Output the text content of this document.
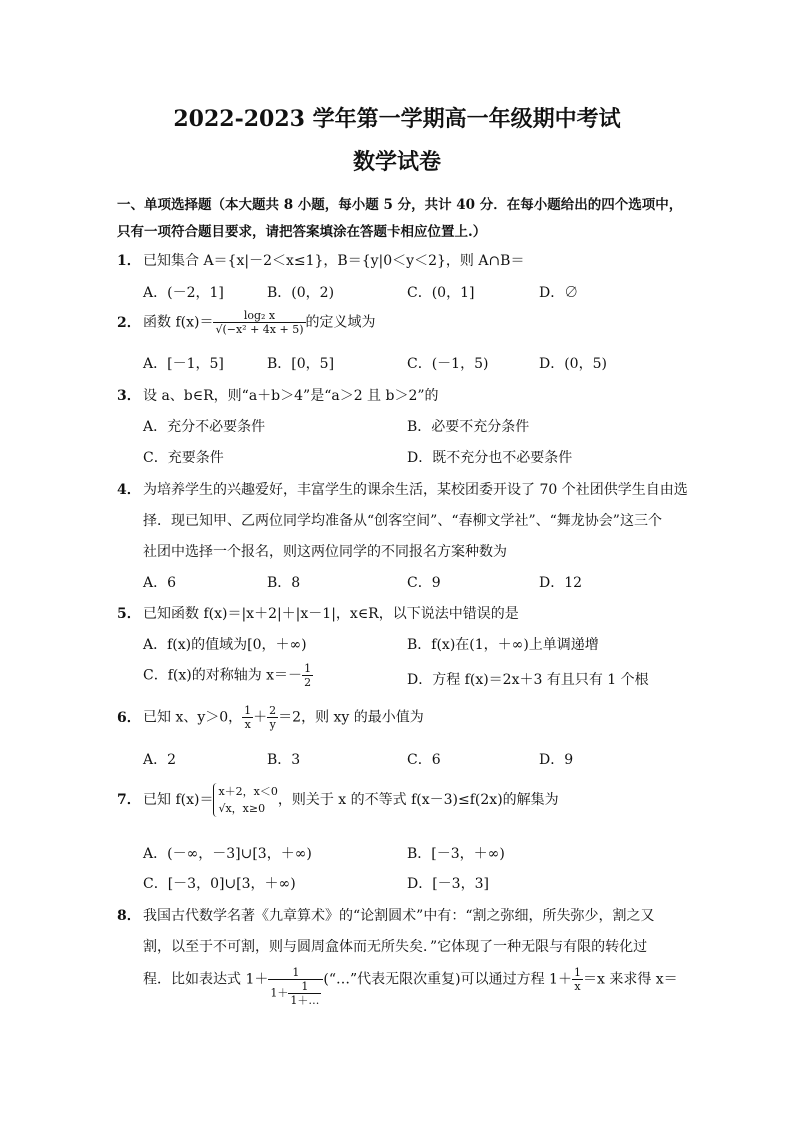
2022-2023 学年第一学期高一年级期中考试
数学试卷
一、单项选择题（本大题共 8 小题，每小题 5 分，共计 40 分．在每小题给出的四个选项中，
只有一项符合题目要求，请把答案填涂在答题卡相应位置上.）
1． 已知集合 A＝{x|－2＜x≤1}，B＝{y|0＜y＜2}，则 A∩B＝
A．(－2，1]	B．(0，2)	C．(0，1]	D．∅
2． 函数 $f(x)= \frac{\text{log₂ x}}{\text{√(−x² + 4x + 5)}}$ 的定义域为
A．[－1，5]	B．[0，5]	C．(－1，5)	D．(0，5)
3． 设 a、b∈R，则“a＋b＞4”是“a＞2 且 b＞2”的
A．充分不必要条件	B．必要不充分条件
C．充要条件	D．既不充分也不必要条件
4． 为培养学生的兴趣爱好，丰富学生的课余生活，某校团委开设了 70 个社团供学生自由选
择．现已知甲、乙两位同学均准备从“创客空间”、“春柳文学社”、“舞龙协会”这三个
社团中选择一个报名，则这两位同学的不同报名方案种数为
A．6	B．8	C．9	D．12
5． 已知函数 f(x)＝|x＋2|＋|x－1|，x∈R，以下说法中错误的是
A．f(x)的值域为[0，＋∞)	B．f(x)在(1，＋∞)上单调递增
C．f(x)的对称轴为 $x=- \frac{1}{2}$	D．方程 f(x)＝2x＋3 有且只有 1 个根
6． 已知 x、y＞0， $\frac{1}{x} + \frac{2}{y} =2$，则 xy 的最小值为
A．2	B．3	C．6	D．9
7． 已知 f(x)＝
x＋2，x＜0
√x，x≥0
，则关于 x 的不等式 f(x－3)≤f(2x)的解集为
A．(－∞，－3]∪[3，＋∞)	B．[－3，＋∞)
C．[－3，0]∪[3，＋∞)	D．[－3，3]
8． 我国古代数学名著《九章算术》的“论割圆术”中有：“割之弥细，所失弥少，割之又
割，以至于不可割，则与圆周盒体而无所失矣．”它体现了一种无限与有限的转化过
程．比如表达式 $1+ \frac{1}{1+ \frac{1}{1+\dots}}$ (“…”代表无限次重复)可以通过方程 $1+ \frac{1}{x} =x$ 来求得 x＝
